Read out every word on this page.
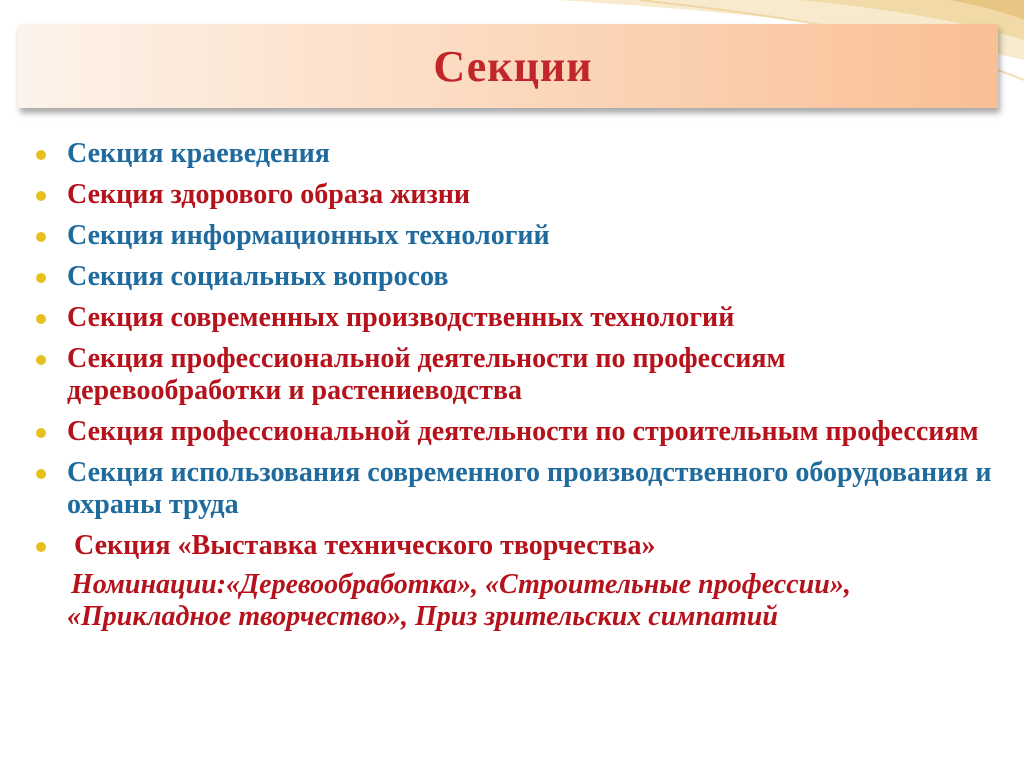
Секции
Секция краеведения
Секция здорового образа жизни
Секция информационных технологий
Секция социальных вопросов
Секция современных производственных технологий
Секция профессиональной деятельности по профессиям деревообработки и растениеводства
Секция профессиональной деятельности по строительным профессиям
Секция использования современного производственного оборудования и охраны труда
Секция «Выставка технического творчества»
Номинации:«Деревообработка», «Строительные профессии», «Прикладное творчество», Приз зрительских симпатий
